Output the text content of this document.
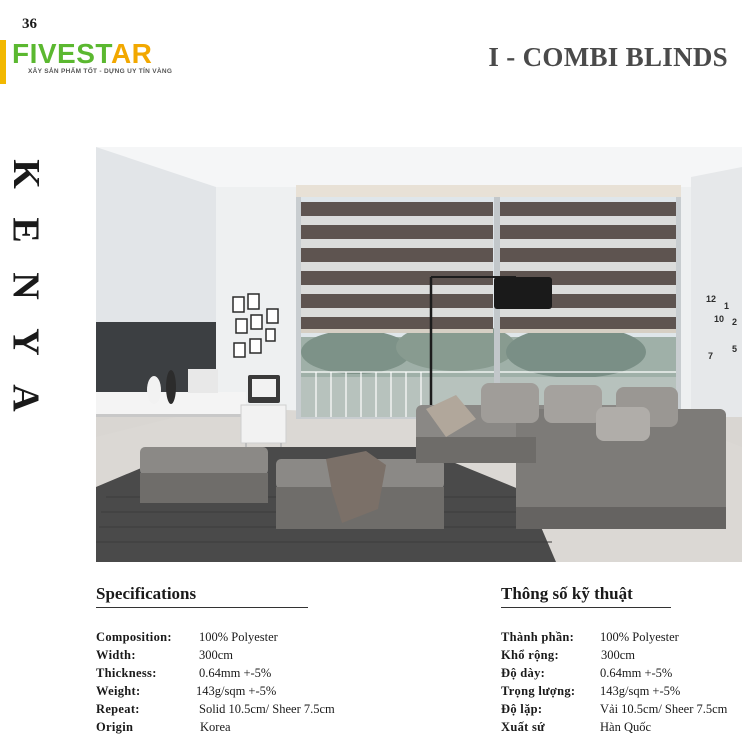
36
FIVESTAR
XÂY SẢN PHẨM TỐT - DỰNG UY TÍN VÀNG	I - COMBI BLINDS
K
E
N
Y
A
12
1
10 2
7
5
Specifications
Composition:	100% Polyester
Width:	300cm
Thickness:	0.64mm +-5%
Weight:	143g/sqm +-5%
Repeat:	Solid 10.5cm/ Sheer 7.5cm
Origin	Korea
Thông số kỹ thuật
Thành phần:	100% Polyester
Khổ rộng:	300cm
Độ dày:	0.64mm +-5%
Trọng lượng:	143g/sqm +-5%
Độ lặp:	Vải 10.5cm/ Sheer 7.5cm
Xuất sứ	Hàn Quốc
